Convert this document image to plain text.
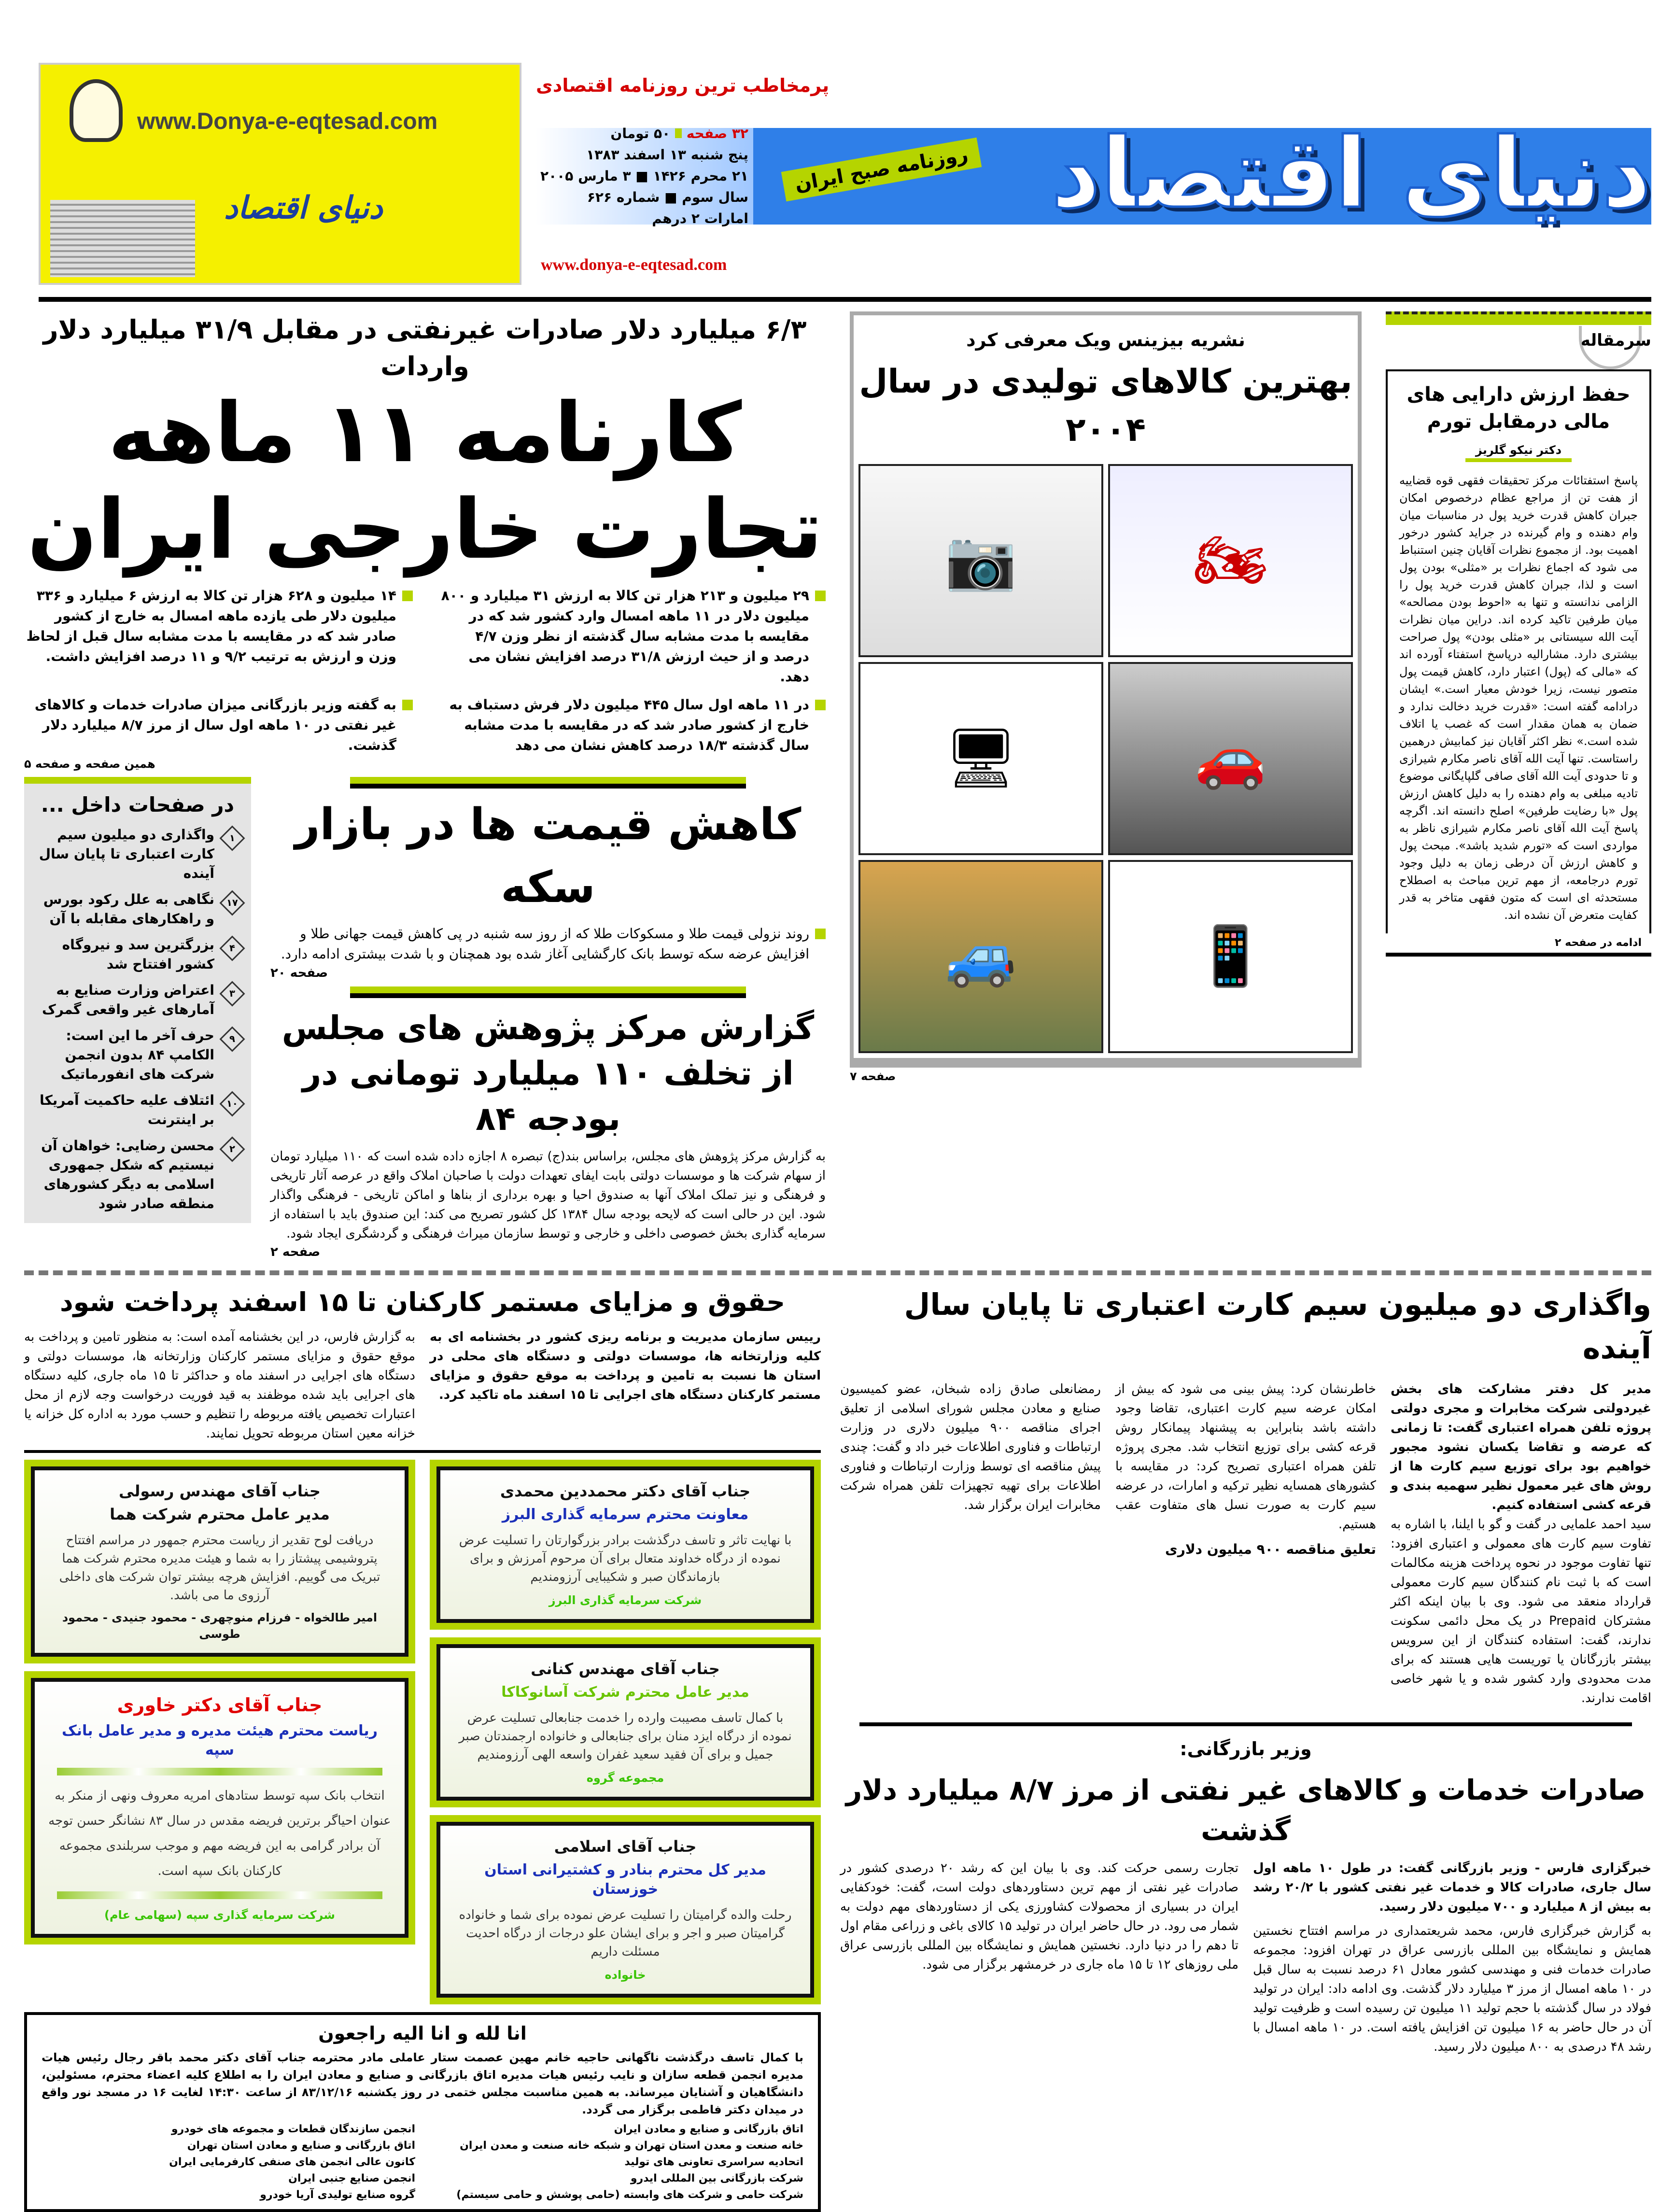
www.Donya-e-eqtesad.com
دنیای اقتصاد
پرمخاطب ترین روزنامه اقتصادی
۳۲ صفحه  ۵۰ تومان
پنج شنبه ۱۳ اسفند ۱۳۸۳
۲۱ محرم ۱۴۲۶ ■ ۳ مارس ۲۰۰۵
سال سوم ■ شماره ۶۲۶
امارات ۲ درهم
www.donya-e-eqtesad.com
دنیای اقتصاد
روزنامه صبح ایران
سرمقاله
حفظ ارزش دارایی های مالی درمقابل تورم
دکتر نیکو گلریز

پاسخ استفتائات مرکز تحقیقات فقهی قوه قضاییه از هفت تن از مراجع عظام درخصوص امکان جبران کاهش قدرت خرید پول در مناسبات میان وام دهنده و وام گیرنده در جراید کشور درخور اهمیت بود. از مجموع نظرات آقایان چنین استنباط می شود که اجماع نظرات بر «مثلی» بودن پول است و لذا، جبران کاهش قدرت خرید پول را الزامی ندانسته و تنها به «احوط بودن مصالحه» میان طرفین تاکید کرده اند. دراین میان نظرات آیت الله سیستانی بر «مثلی بودن» پول صراحت بیشتری دارد. مشارالیه درپاسخ استفتاء آورده اند که «مالی که (پول) اعتبار دارد، کاهش قیمت پول متصور نیست، زیرا خودش معیار است.» ایشان درادامه گفته است: «قدرت خرید دخالت ندارد و ضمان به همان مقدار است که غصب یا اتلاف شده است.» نظر اکثر آقایان نیز کمابیش درهمین راستاست. تنها آیت الله آقای ناصر مکارم شیرازی و تا حدودی آیت الله آقای صافی گلپایگانی موضوع تادیه مبلغی به وام دهنده را به دلیل کاهش ارزش پول «با رضایت طرفین» اصلح دانسته اند. اگرچه پاسخ آیت الله آقای ناصر مکارم شیرازی ناظر به مواردی است که «تورم شدید باشد». مبحث پول و کاهش ارزش آن درطی زمان به دلیل وجود تورم درجامعه، از مهم ترین مباحث به اصطلاح مستحدثه ای است که متون فقهی متاخر به قدر کفایت متعرض آن نشده اند.

ادامه در صفحه ۲
نشریه بیزینس ویک معرفی کرد
بهترین کالاهای تولیدی در سال ۲۰۰۴
🏍
📷
🚗
🖥
📱
🚙
صفحه ۷
۶/۳ میلیارد دلار صادرات غیرنفتی در مقابل ۳۱/۹ میلیارد دلار واردات
کارنامه ۱۱ ماهه
تجارت خارجی ایران
۲۹ میلیون و ۲۱۳ هزار تن کالا به ارزش ۳۱ میلیارد و ۸۰۰ میلیون دلار در ۱۱ ماهه امسال وارد کشور شد که در مقایسه با مدت مشابه سال گذشته از نظر وزن ۴/۷ درصد و از حیث ارزش ۳۱/۸ درصد افزایش نشان می دهد.
۱۴ میلیون و ۶۲۸ هزار تن کالا به ارزش ۶ میلیارد و ۳۳۶ میلیون دلار طی یازده ماهه امسال به خارج از کشور صادر شد که در مقایسه با مدت مشابه سال قبل از لحاظ وزن و ارزش به ترتیب ۹/۲ و ۱۱ درصد افزایش داشت.
در ۱۱ ماهه اول سال ۴۴۵ میلیون دلار فرش دستباف به خارج از کشور صادر شد که در مقایسه با مدت مشابه سال گذشته ۱۸/۳ درصد کاهش نشان می دهد
به گفته وزیر بازرگانی میزان صادرات خدمات و کالاهای غیر نفتی در ۱۰ ماهه اول سال از مرز ۸/۷ میلیارد دلار گذشت.
همین صفحه و صفحه ۵
کاهش قیمت ها در بازار سکه
روند نزولی قیمت طلا و مسکوکات طلا که از روز سه شنبه در پی کاهش قیمت جهانی طلا و افزایش عرضه سکه توسط بانک کارگشایی آغاز شده بود همچنان و با شدت بیشتری ادامه دارد.
صفحه ۲۰
گزارش مرکز پژوهش های مجلس
از تخلف ۱۱۰ میلیارد تومانی در بودجه ۸۴

به گزارش مرکز پژوهش های مجلس، براساس بند(ج) تبصره ۸ اجازه داده شده است که ۱۱۰ میلیارد تومان از سهام شرکت ها و موسسات دولتی بابت ایفای تعهدات دولت با صاحبان املاک واقع در عرصه آثار تاریخی و فرهنگی و نیز تملک املاک آنها به صندوق احیا و بهره برداری از بناها و اماکن تاریخی - فرهنگی واگذار شود. این در حالی است که لایحه بودجه سال ۱۳۸۴ کل کشور تصریح می کند: این صندوق باید با استفاده از سرمایه گذاری بخش خصوصی داخلی و خارجی و توسط سازمان میراث فرهنگی و گردشگری ایجاد شود.

صفحه ۲
در صفحات داخل ...
۱
واگذاری دو میلیون سیم کارت اعتباری تا پایان سال آینده
۱۷
نگاهی به علل رکود بورس و راهکارهای مقابله با آن
۴
بزرگترین سد و نیروگاه کشور افتتاح شد
۳
اعتراض وزارت صنایع به آمارهای غیر واقعی گمرک
۹
حرف آخر ما این است: الکامپ ۸۴ بدون انجمن شرکت های انفورماتیک
۱۰
ائتلاف علیه حاکمیت آمریکا بر اینترنت
۲
محسن رضایی: خواهان آن نیستیم که شکل جمهوری اسلامی به دیگر کشورهای منطقه صادر شود
واگذاری دو میلیون سیم کارت اعتباری تا پایان سال آینده

مدیر کل دفتر مشارکت های بخش غیردولتی شرکت مخابرات و مجری دولتی پروژه تلفن همراه اعتباری گفت: تا زمانی که عرضه و تقاضا یکسان نشود مجبور خواهیم بود برای توزیع سیم کارت ها از روش های غیر معمول نظیر سهمیه بندی و قرعه کشی استفاده کنیم.

سید احمد علمایی در گفت و گو با ایلنا، با اشاره به تفاوت سیم کارت های معمولی و اعتباری افزود: تنها تفاوت موجود در نحوه پرداخت هزینه مکالمات است که با ثبت نام کنندگان سیم کارت معمولی قرارداد منعقد می شود. وی با بیان اینکه اکثر مشترکان Prepaid در یک محل دائمی سکونت ندارند، گفت: استفاده کنندگان از این سرویس بیشتر بازرگانان یا توریست هایی هستند که برای مدت محدودی وارد کشور شده و یا شهر خاصی اقامت ندارند.

خاطرنشان کرد: پیش بینی می شود که بیش از امکان عرضه سیم کارت اعتباری، تقاضا وجود داشته باشد بنابراین به پیشنهاد پیمانکار روش قرعه کشی برای توزیع انتخاب شد. مجری پروژه تلفن همراه اعتباری تصریح کرد: در مقایسه با کشورهای همسایه نظیر ترکیه و امارات، در عرضه سیم کارت به صورت نسل های متفاوت عقب هستیم.

تعلیق مناقصه ۹۰۰ میلیون دلاری

رمضانعلی صادق زاده شبخان، عضو کمیسیون صنایع و معادن مجلس شورای اسلامی از تعلیق اجرای مناقصه ۹۰۰ میلیون دلاری در وزارت ارتباطات و فناوری اطلاعات خبر داد و گفت: چندی پیش مناقصه ای توسط وزارت ارتباطات و فناوری اطلاعات برای تهیه تجهیزات تلفن همراه شرکت مخابرات ایران برگزار شد.

وزیر بازرگانی:
صادرات خدمات و کالاهای غیر نفتی از مرز ۸/۷ میلیارد دلار گذشت

خبرگزاری فارس - وزیر بازرگانی گفت: در طول ۱۰ ماهه اول سال جاری، صادرات کالا و خدمات غیر نفتی کشور با ۲۰/۲ رشد به بیش از ۸ میلیارد و ۷۰۰ میلیون دلار رسید.

به گزارش خبرگزاری فارس، محمد شریعتمداری در مراسم افتتاح نخستین همایش و نمایشگاه بین المللی بازرسی عراق در تهران افزود: مجموعه صادرات خدمات فنی و مهندسی کشور معادل ۶۱ درصد نسبت به سال قبل در ۱۰ ماهه امسال از مرز ۳ میلیارد دلار گذشت. وی ادامه داد: ایران در تولید فولاد در سال گذشته با حجم تولید ۱۱ میلیون تن رسیده است و ظرفیت تولید آن در حال حاضر به ۱۶ میلیون تن افزایش یافته است. در ۱۰ ماهه امسال با رشد ۴۸ درصدی به ۸۰۰ میلیون دلار رسید.

تجارت رسمی حرکت کند. وی با بیان این که رشد ۲۰ درصدی کشور در صادرات غیر نفتی از مهم ترین دستاوردهای دولت است، گفت: خودکفایی ایران در بسیاری از محصولات کشاورزی یکی از دستاوردهای مهم دولت به شمار می رود. در حال حاضر ایران در تولید ۱۵ کالای باغی و زراعی مقام اول تا دهم را در دنیا دارد. نخستین همایش و نمایشگاه بین المللی بازرسی عراق ملی روزهای ۱۲ تا ۱۵ ماه جاری در خرمشهر برگزار می شود.

حقوق و مزایای مستمر کارکنان تا ۱۵ اسفند پرداخت شود

رییس سازمان مدیریت و برنامه ریزی کشور در بخشنامه ای به کلیه وزارتخانه ها، موسسات دولتی و دستگاه های محلی در استان ها نسبت به تامین و پرداخت به موقع حقوق و مزایای مستمر کارکنان دستگاه های اجرایی تا ۱۵ اسفند ماه تاکید کرد.

به گزارش فارس، در این بخشنامه آمده است: به منظور تامین و پرداخت به موقع حقوق و مزایای مستمر کارکنان وزارتخانه ها، موسسات دولتی و دستگاه های اجرایی در اسفند ماه و حداکثر تا ۱۵ ماه جاری، کلیه دستگاه های اجرایی باید شده موظفند به قید فوریت درخواست وجه لازم از محل اعتبارات تخصیص یافته مربوطه را تنظیم و حسب مورد به اداره کل خزانه یا خزانه معین استان مربوطه تحویل نمایند.

جناب آقای دکتر محمددین محمدی
معاونت محترم سرمایه گذاری البرز
با نهایت تاثر و تاسف درگذشت برادر بزرگوارتان را تسلیت عرض نموده از درگاه خداوند متعال برای آن مرحوم آمرزش و برای بازماندگان صبر و شکیبایی آرزومندیم
شرکت سرمایه گذاری البرز
جناب آقای مهندس کنانی
مدیر عامل محترم شرکت آسانوکاکا
با کمال تاسف مصیبت وارده را خدمت جنابعالی تسلیت عرض نموده از درگاه ایزد منان برای جنابعالی و خانواده ارجمندتان صبر جمیل و برای آن فقید سعید غفران واسعه الهی آرزومندیم
مجموعه گروه
جناب آقای اسلامی
مدیر کل محترم بنادر و کشتیرانی استان خوزستان
رحلت والده گرامیتان را تسلیت عرض نموده برای شما و خانواده گرامیتان صبر و اجر و برای ایشان علو درجات از درگاه احدیت مسئلت داریم
خانواده
جناب آقای مهندس رسولی
مدیر عامل محترم شرکت هما
دریافت لوح تقدیر از ریاست محترم جمهور در مراسم افتتاح پتروشیمی پیشتاز را به شما و هیئت مدیره محترم شرکت هما تبریک می گوییم. افزایش هرچه بیشتر توان شرکت های داخلی آرزوی ما می باشد.
امیر طالخواه - فرزام منوچهری - محمود جنیدی - محمود طوسی
جناب آقای دکتر خاوری
ریاست محترم هیئت مدیره و مدیر عامل بانک سپه
انتخاب بانک سپه توسط ستادهای امریه معروف ونهی از منکر به عنوان احیاگر برترین فریضه مقدس در سال ۸۳ نشانگر حسن توجه آن برادر گرامی به این فریضه مهم و موجب سربلندی مجموعه کارکنان بانک سپه است.
شرکت سرمایه گذاری سپه (سهامی عام)
انا لله و انا الیه راجعون

با کمال تاسف درگذشت ناگهانی حاجیه خانم مهین عصمت ستار عاملی مادر محترمه جناب آقای دکتر محمد باقر رجال رئیس هیات مدیره انجمن قطعه سازان و نایب رئیس هیات مدیره اتاق بازرگانی و صنایع و معادن ایران را به اطلاع کلیه اعضاء محترم، مسئولین، دانشگاهیان و آشنایان میرساند. به همین مناسبت مجلس ختمی در روز یکشنبه ۸۳/۱۲/۱۶ از ساعت ۱۴:۳۰ لغایت ۱۶ در مسجد نور واقع در میدان دکتر فاطمی برگزار می گردد.

اتاق بازرگانی و صنایع و معادن ایران
انجمن سازندگان قطعات و مجموعه های خودرو
خانه صنعت و معدن استان تهران و شبکه خانه صنعت و معدن ایران
اتاق بازرگانی و صنایع و معادن استان تهران
اتحادیه سراسری تعاونی های تولید
کانون عالی انجمن های صنفی کارفرمایی ایران
شرکت بازرگانی بین المللی ایدرو
انجمن صنایع جنبی ایران
شرکت حامی و شرکت های وابسته (حامی پوشش و حامی سیستم)
گروه صنایع تولیدی آریا خودرو
